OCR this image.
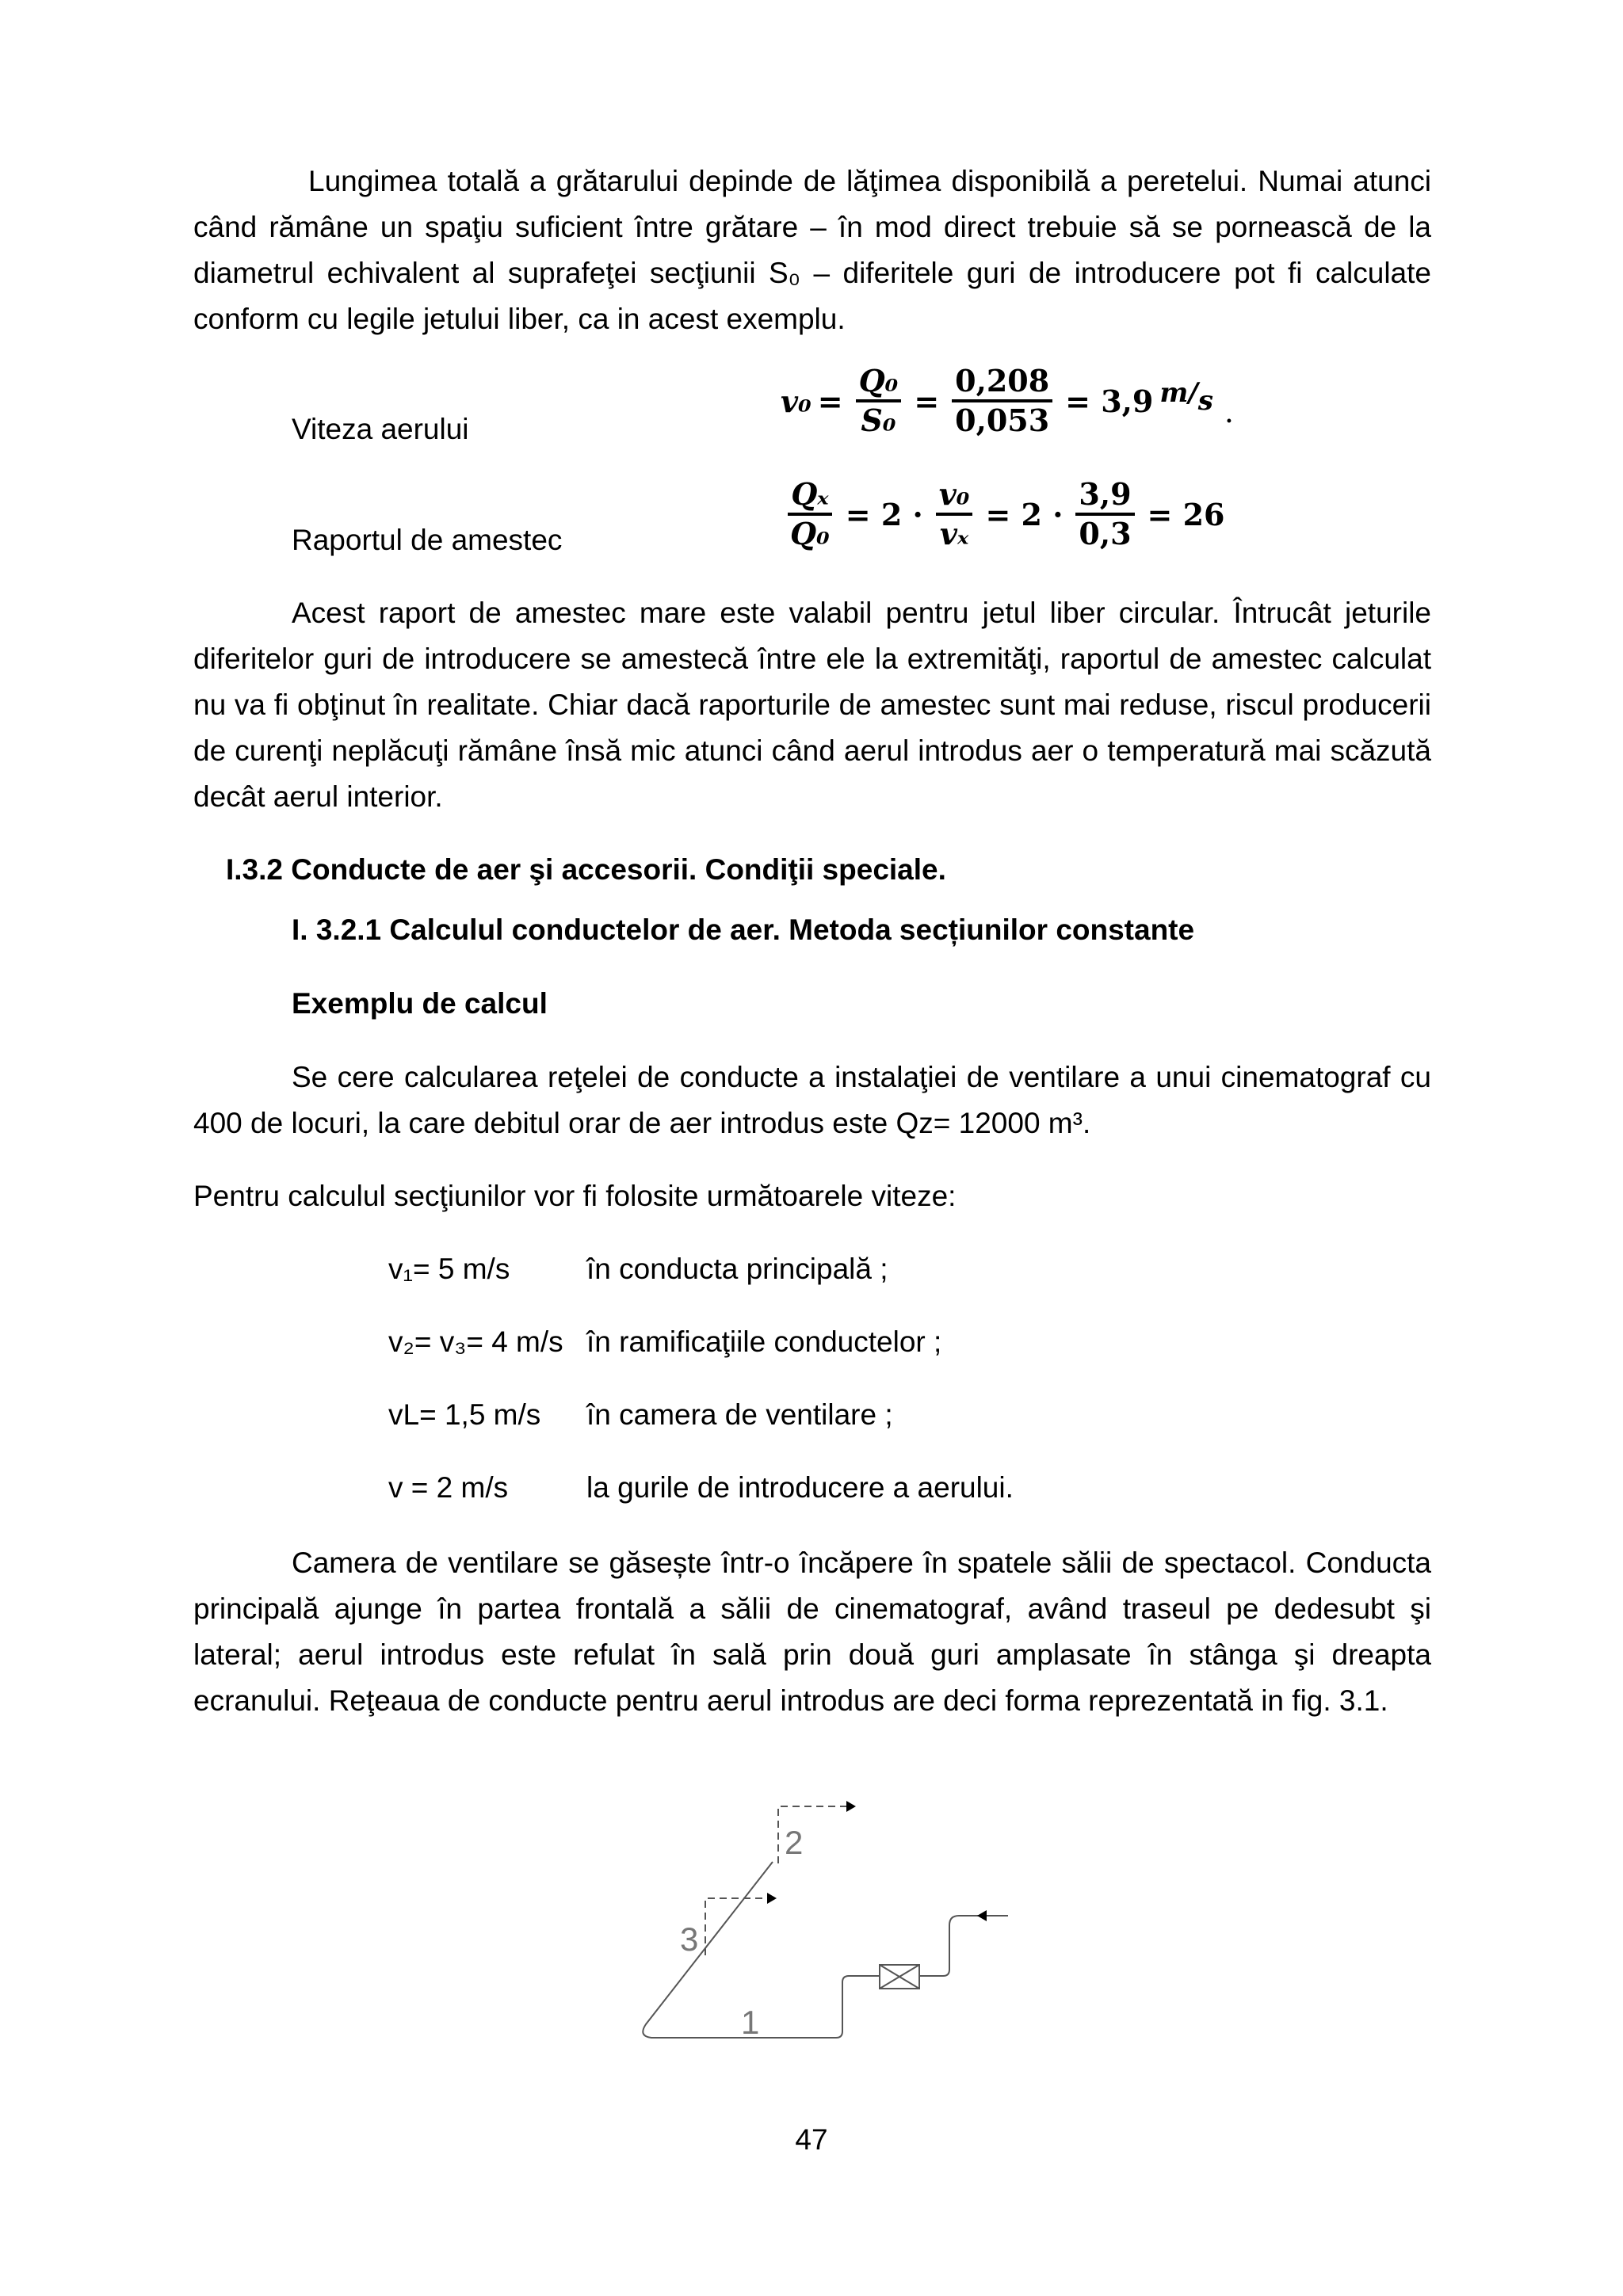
Lungimea totală a grătarului depinde de lăţimea disponibilă a peretelui. Numai atunci când rămâne un spaţiu suficient între grătare – în mod direct trebuie să se pornească de la diametrul echivalent al suprafeţei secţiunii S₀ – diferitele guri de introducere pot fi calculate conform cu legile jetului liber, ca in acest exemplu.

Viteza aerului
$v_0 = \frac{\text{Q₀}}{\text{S₀}} = \frac{0,208}{0,053} = 3,9$ m/s .
Raportul de amestec	$\frac{\text{Qₓ}}{\text{Q₀}} = 2 \cdot \frac{\text{v₀}}{\text{vₓ}} = 2 \cdot \frac{3,9}{0,3} = 26$

Acest raport de amestec mare este valabil pentru jetul liber circular. Întrucât jeturile diferitelor guri de introducere se amestecă între ele la extremităţi, raportul de amestec calculat nu va fi obţinut în realitate. Chiar dacă raporturile de amestec sunt mai reduse, riscul producerii de curenţi neplăcuţi rămâne însă mic atunci când aerul introdus aer o temperatură mai scăzută decât aerul interior.

I.3.2 Conducte de aer şi accesorii. Condiţii speciale.
I. 3.2.1 Calculul conductelor de aer. Metoda secțiunilor constante
Exemplu de calcul

Se cere calcularea reţelei de conducte a instalaţiei de ventilare a unui cinematograf cu 400 de locuri, la care debitul orar de aer introdus este Qz= 12000 m³.

Pentru calculul secţiunilor vor fi folosite următoarele viteze:

v₁= 5 m/s	în conducta principală ;
v₂= v₃= 4 m/s în ramificaţiile conductelor ;
vL= 1,5 m/s în camera de ventilare ;
v = 2 m/s	la gurile de introducere a aerului.

Camera de ventilare se găsește într-o încăpere în spatele sălii de spectacol. Conducta principală ajunge în partea frontală a sălii de cinematograf, având traseul pe dedesubt şi lateral; aerul introdus este refulat în sală prin două guri amplasate în stânga şi dreapta ecranului. Reţeaua de conducte pentru aerul introdus are deci forma reprezentată in fig. 3.1.

1
2
3
47
